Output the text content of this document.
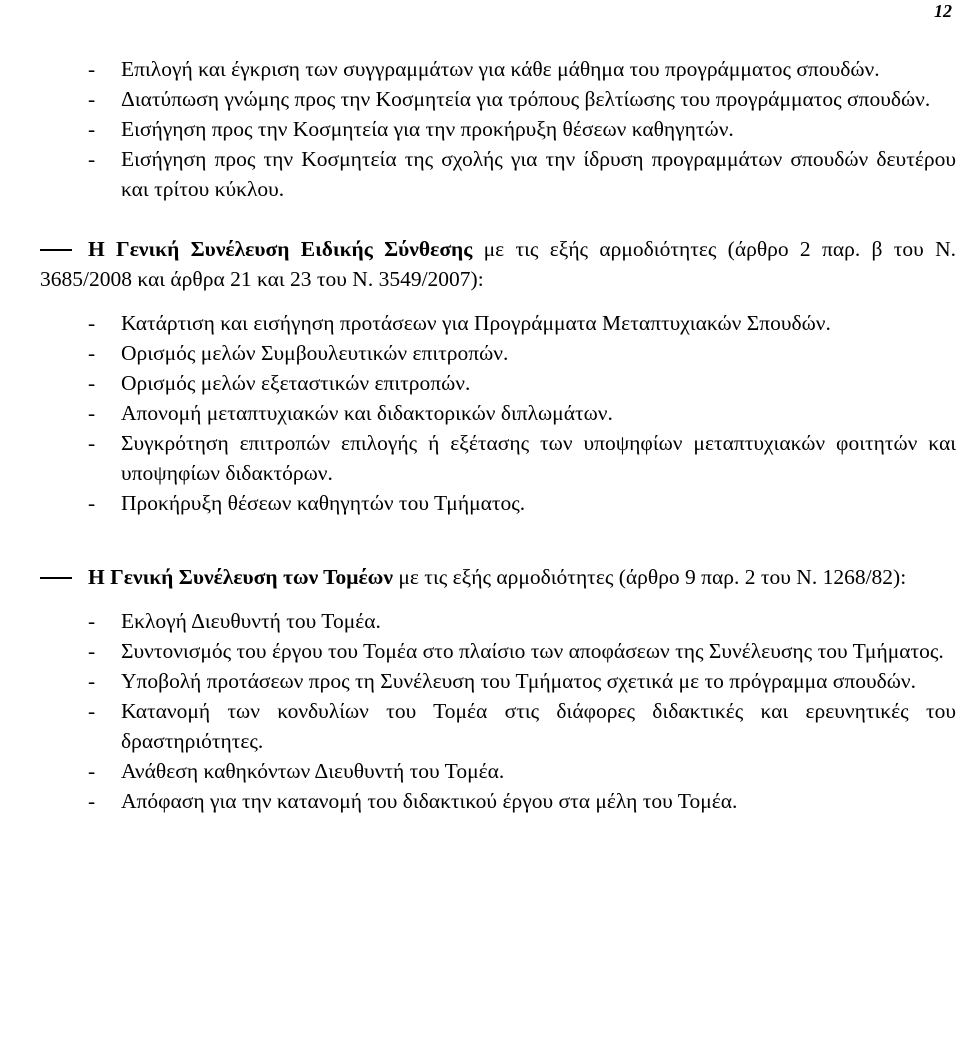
12
- Επιλογή και έγκριση των συγγραμμάτων για κάθε μάθημα του προγράμματος σπουδών.
- Διατύπωση γνώμης προς την Κοσμητεία για τρόπους βελτίωσης του προγράμματος σπουδών.
- Εισήγηση προς την Κοσμητεία για την προκήρυξη θέσεων καθηγητών.
- Εισήγηση προς την Κοσμητεία της σχολής για την ίδρυση προγραμμάτων σπουδών δευτέρου και τρίτου κύκλου.

Η Γενική Συνέλευση Ειδικής Σύνθεσης με τις εξής αρμοδιότητες (άρθρο 2 παρ. β του Ν. 3685/2008 και άρθρα 21 και 23 του Ν. 3549/2007):

- Κατάρτιση και εισήγηση προτάσεων για Προγράμματα Μεταπτυχιακών Σπουδών.
- Ορισμός μελών Συμβουλευτικών επιτροπών.
- Ορισμός μελών εξεταστικών επιτροπών.
- Απονομή μεταπτυχιακών και διδακτορικών διπλωμάτων.
- Συγκρότηση επιτροπών επιλογής ή εξέτασης των υποψηφίων μεταπτυχιακών φοιτητών και υποψηφίων διδακτόρων.
- Προκήρυξη θέσεων καθηγητών του Τμήματος.

Η Γενική Συνέλευση των Τομέων με τις εξής αρμοδιότητες (άρθρο 9 παρ. 2 του Ν. 1268/82):

- Εκλογή Διευθυντή του Τομέα.
- Συντονισμός του έργου του Τομέα στο πλαίσιο των αποφάσεων της Συνέλευσης του Τμήματος.
- Υποβολή προτάσεων προς τη Συνέλευση του Τμήματος σχετικά με το πρόγραμμα σπουδών.
- Κατανομή των κονδυλίων του Τομέα στις διάφορες διδακτικές και ερευνητικές του δραστηριότητες.
- Ανάθεση καθηκόντων Διευθυντή του Τομέα.
- Απόφαση για την κατανομή του διδακτικού έργου στα μέλη του Τομέα.
